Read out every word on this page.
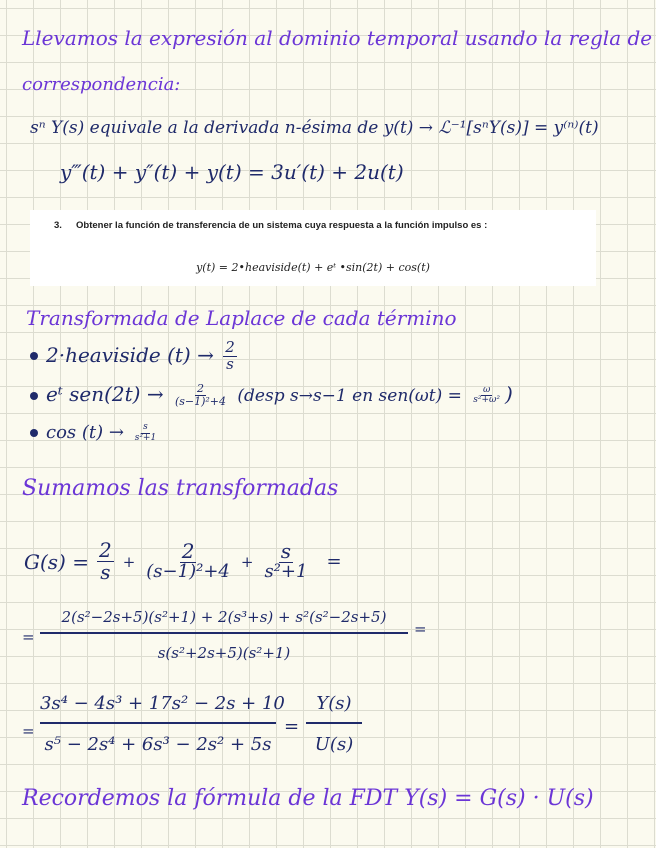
Llevamos la expresión al dominio temporal usando la regla de
correspondencia:
sⁿ Y(s) equivale a la derivada n-ésima de y(t) → ℒ⁻¹[sⁿY(s)] = y⁽ⁿ⁾(t)
y‴(t) + y″(t) + y(t) = 3u′(t) + 2u(t)
3.	Obtener la función de transferencia de un sistema cuya respuesta a la función impulso es :
y(t) = 2•heaviside(t) + eᵗ •sin(2t) + cos(t)
Transformada de Laplace de cada término
2·heaviside $(t) \to \frac{2}{s}$
eᵗ $sen(2t) \to \frac{2}{\text{(s−1)²+4}}$ (desp s→s−1 en $sen(\omega t) = \frac{\omega}{\text{s²+ω²}}$ )
$\cos (t) \to \frac{s}{\text{s²+1}}$
Sumamos las transformadas
$G(s) = \frac{2}{s} + \frac{2}{\text{(s−1)²+4}} + \frac{s}{\text{s²+1}}$ =
=
2(s²−2s+5)(s²+1) + 2(s³+s) + s²(s²−2s+5)
s(s²+2s+5)(s²+1)
=
=
3s⁴ − 4s³ + 17s² − 2s + 10
s⁵ − 2s⁴ + 6s³ − 2s² + 5s
=
Y(s)
U(s)
Recordemos la fórmula de la FDT Y(s) = G(s) · U(s)
